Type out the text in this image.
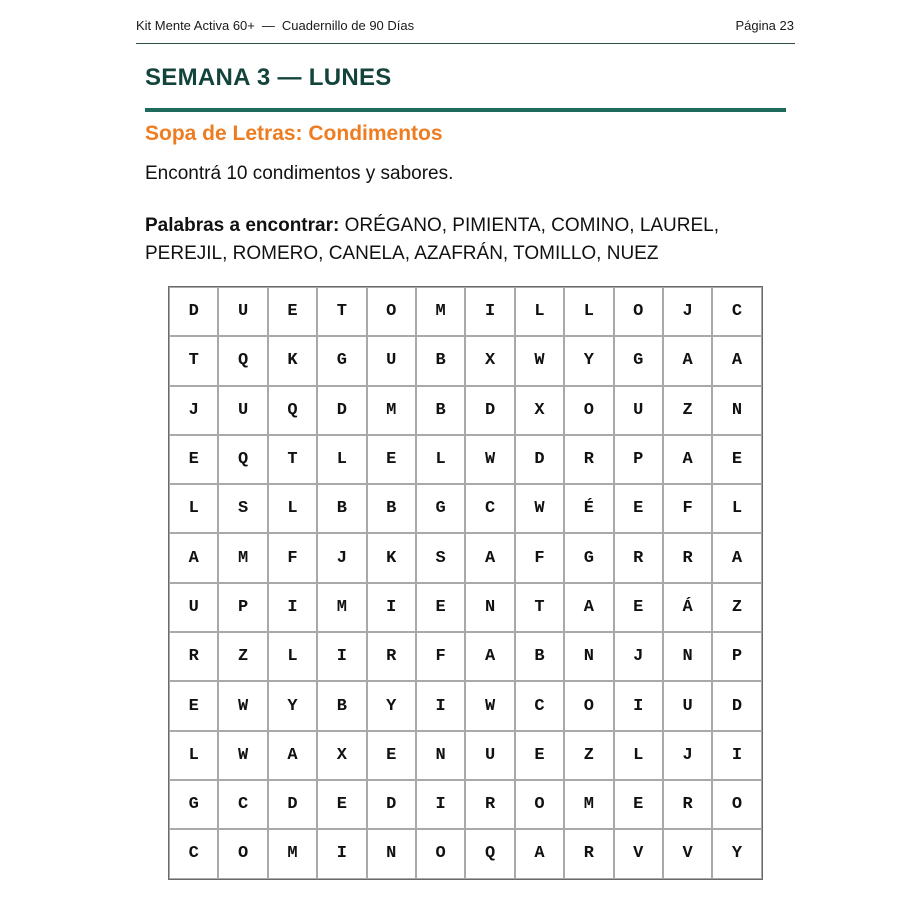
Kit Mente Activa 60+ — Cuadernillo de 90 Días	Página 23
SEMANA 3 — LUNES
Sopa de Letras: Condimentos
Encontrá 10 condimentos y sabores.
Palabras a encontrar: ORÉGANO, PIMIENTA, COMINO, LAUREL, PEREJIL, ROMERO, CANELA, AZAFRÁN, TOMILLO, NUEZ
D	U	E	T	O	M	I	L	L	O	J	C
T	Q	K	G	U	B	X	W	Y	G	A	A
J	U	Q	D	M	B	D	X	O	U	Z	N
E	Q	T	L	E	L	W	D	R	P	A	E
L	S	L	B	B	G	C	W	É	E	F	L
A	M	F	J	K	S	A	F	G	R	R	A
U	P	I	M	I	E	N	T	A	E	Á	Z
R	Z	L	I	R	F	A	B	N	J	N	P
E	W	Y	B	Y	I	W	C	O	I	U	D
L	W	A	X	E	N	U	E	Z	L	J	I
G	C	D	E	D	I	R	O	M	E	R	O
C	O	M	I	N	O	Q	A	R	V	V	Y
